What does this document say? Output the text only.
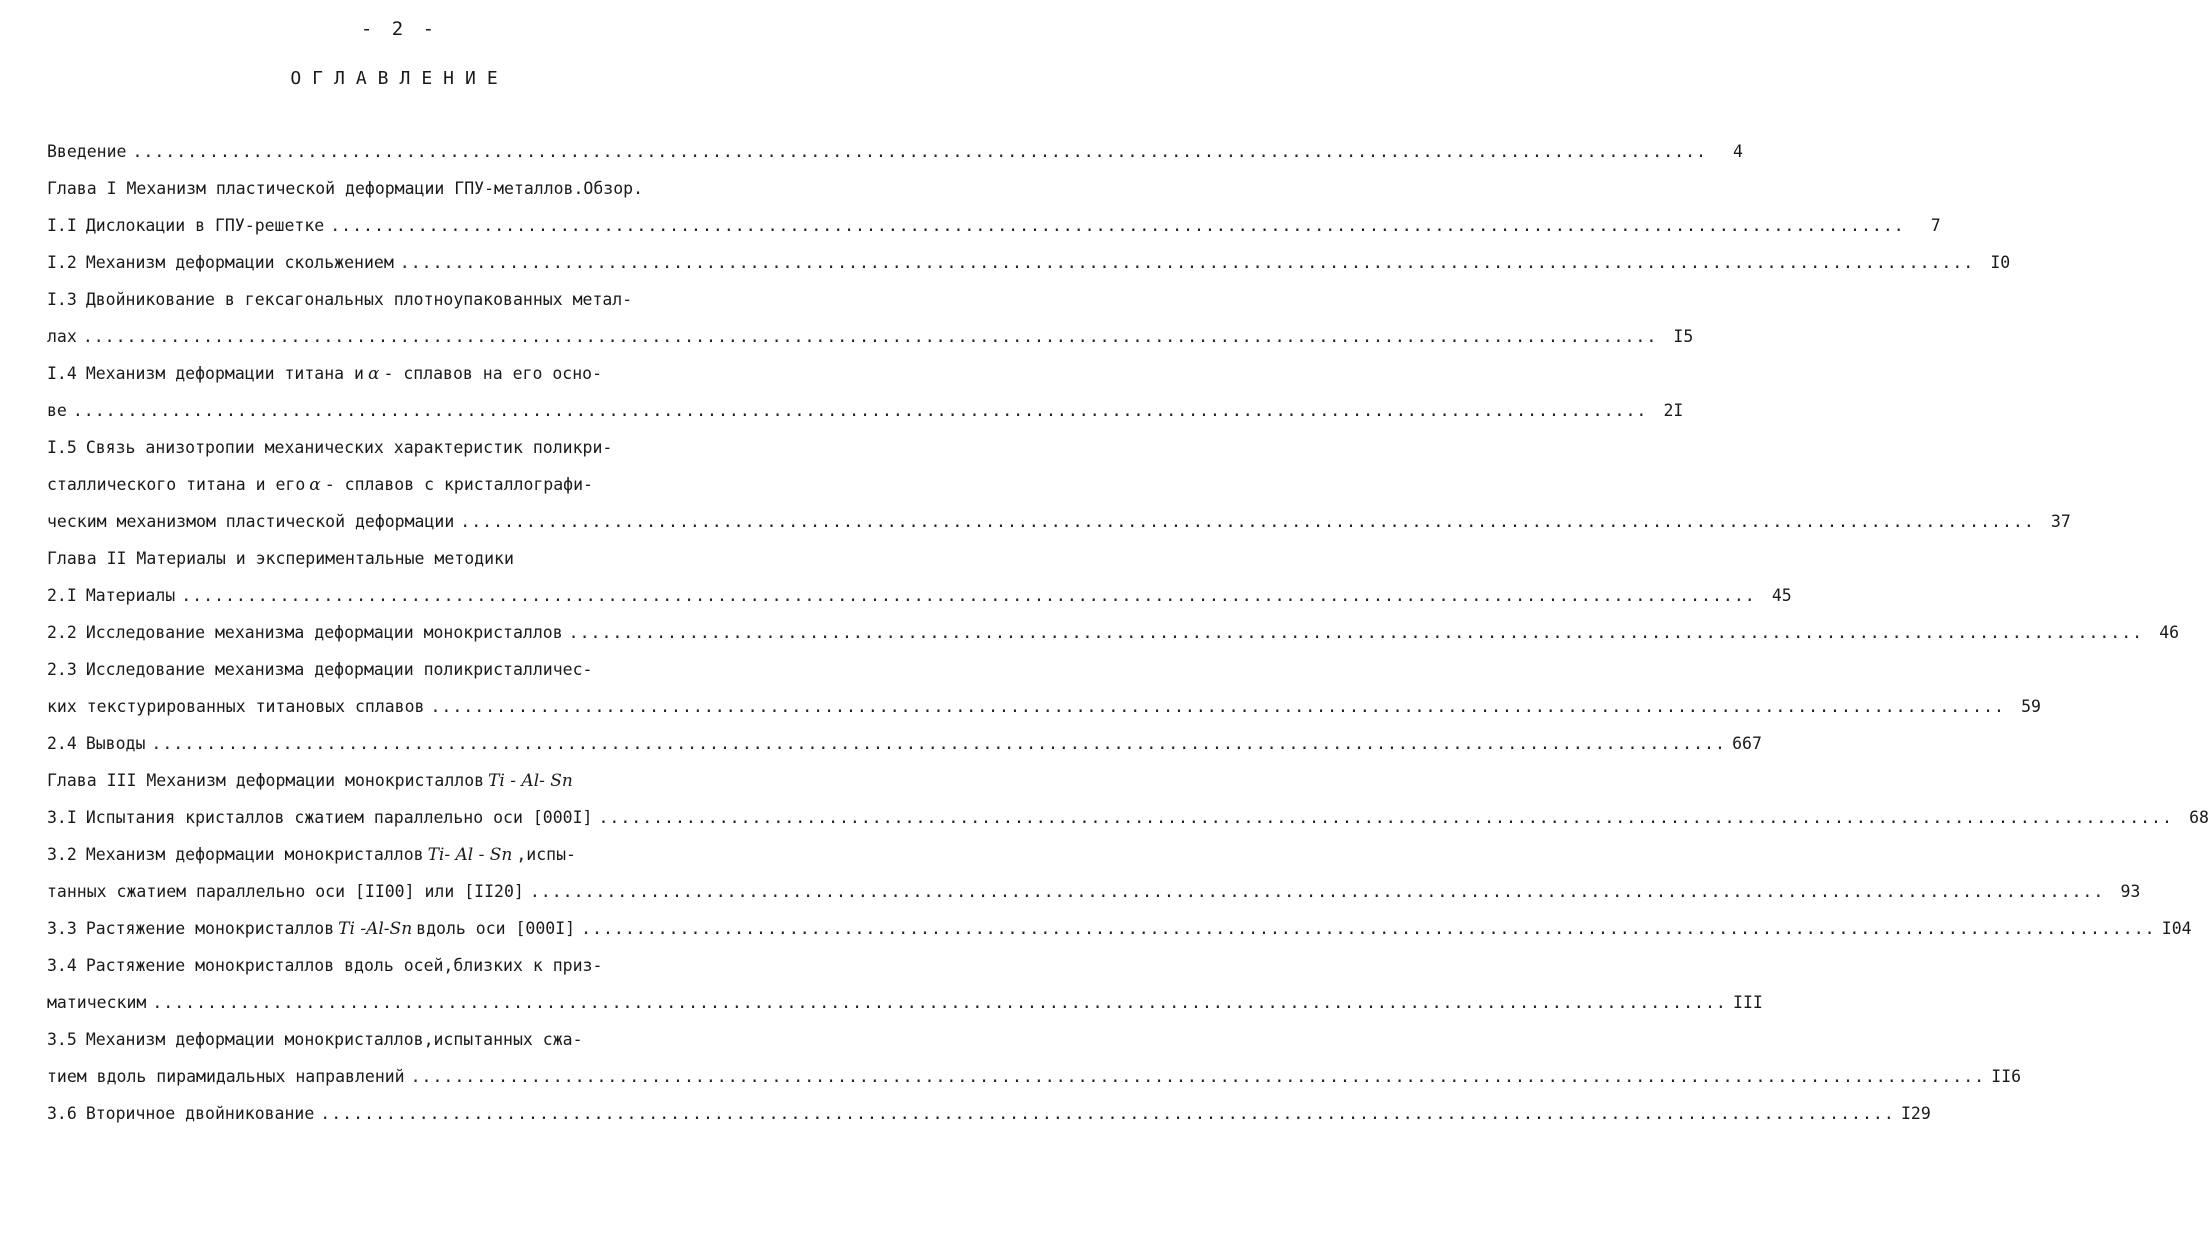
- 2 -
ОГЛАВЛЕНИЕ
Введение ................................................................................................................................................	4
Глава I Механизм пластической деформации ГПУ-металлов.Обзор.
I.I Дислокации в ГПУ-решетке ................................................................................................................................................	7
I.2 Механизм деформации скольжением ................................................................................................................................................ I0
I.3 Двойникование в гексагональных плотноупакованных метал-
лах ................................................................................................................................................ I5
I.4 Механизм деформации титана и α - сплавов на его осно-
ве ................................................................................................................................................ 2I
I.5 Связь анизотропии механических характеристик поликри-
сталлического титана и его α - сплавов с кристаллографи-
ческим механизмом пластической деформации ................................................................................................................................................ 37
Глава II Материалы и экспериментальные методики
2.I Материалы ................................................................................................................................................ 45
2.2 Исследование механизма деформации монокристаллов ................................................................................................................................................ 46
2.3 Исследование механизма деформации поликристалличес-
ких текстурированных титановых сплавов ................................................................................................................................................ 59
2.4 Выводы ................................................................................................................................................ 667
Глава III Механизм деформации монокристаллов Ti - Al- Sn
3.I Испытания кристаллов сжатием параллельно оси [000I] ................................................................................................................................................ 68
3.2 Механизм деформации монокристаллов Ti- Al - Sn ,испы-
танных сжатием параллельно оси [II00] или [II20] ................................................................................................................................................ 93
3.3 Растяжение монокристаллов Ti -Al-Sn вдоль оси [000I] ................................................................................................................................................ I04
3.4 Растяжение монокристаллов вдоль осей,близких к приз-
матическим ................................................................................................................................................ III
3.5 Механизм деформации монокристаллов,испытанных сжа-
тием вдоль пирамидальных направлений ................................................................................................................................................ II6
3.6 Вторичное двойникование ................................................................................................................................................ I29
